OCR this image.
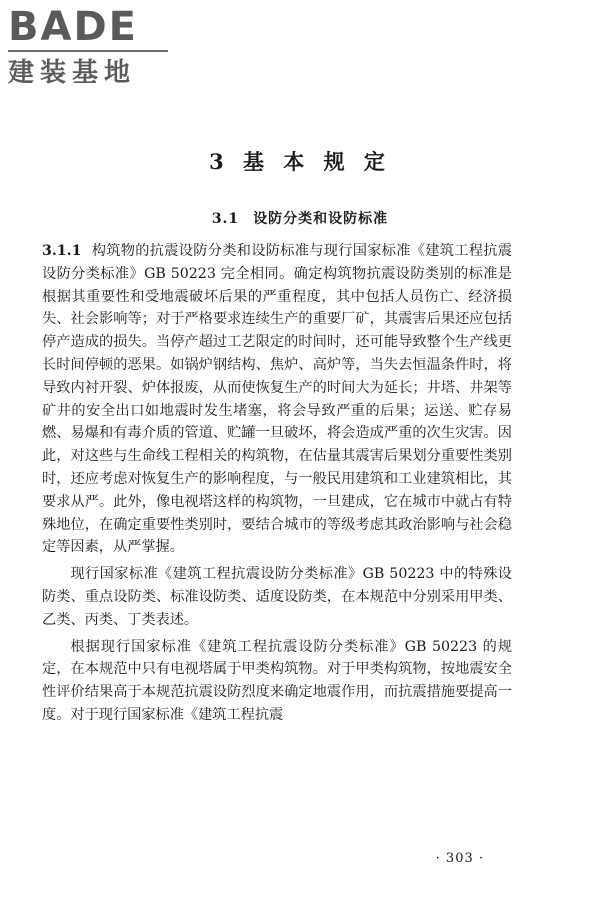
BADE
建装基地
3 基 本 规 定
3.1 设防分类和设防标准

3.1.1 构筑物的抗震设防分类和设防标准与现行国家标准《建筑工程抗震设防分类标准》GB 50223 完全相同。确定构筑物抗震设防类别的标准是根据其重要性和受地震破坏后果的严重程度，其中包括人员伤亡、经济损失、社会影响等；对于严格要求连续生产的重要厂矿，其震害后果还应包括停产造成的损失。当停产超过工艺限定的时间时，还可能导致整个生产线更长时间停顿的恶果。如锅炉钢结构、焦炉、高炉等，当失去恒温条件时，将导致内衬开裂、炉体报废，从而使恢复生产的时间大为延长；井塔、井架等矿井的安全出口如地震时发生堵塞，将会导致严重的后果；运送、贮存易燃、易爆和有毒介质的管道、贮罐一旦破坏，将会造成严重的次生灾害。因此，对这些与生命线工程相关的构筑物，在估量其震害后果划分重要性类别时，还应考虑对恢复生产的影响程度，与一般民用建筑和工业建筑相比，其要求从严。此外，像电视塔这样的构筑物，一旦建成，它在城市中就占有特殊地位，在确定重要性类别时，要结合城市的等级考虑其政治影响与社会稳定等因素，从严掌握。

现行国家标准《建筑工程抗震设防分类标准》GB 50223 中的特殊设防类、重点设防类、标准设防类、适度设防类，在本规范中分别采用甲类、乙类、丙类、丁类表述。

根据现行国家标准《建筑工程抗震设防分类标准》GB 50223 的规定，在本规范中只有电视塔属于甲类构筑物。对于甲类构筑物，按地震安全性评价结果高于本规范抗震设防烈度来确定地震作用，而抗震措施要提高一度。对于现行国家标准《建筑工程抗震

· 303 ·
